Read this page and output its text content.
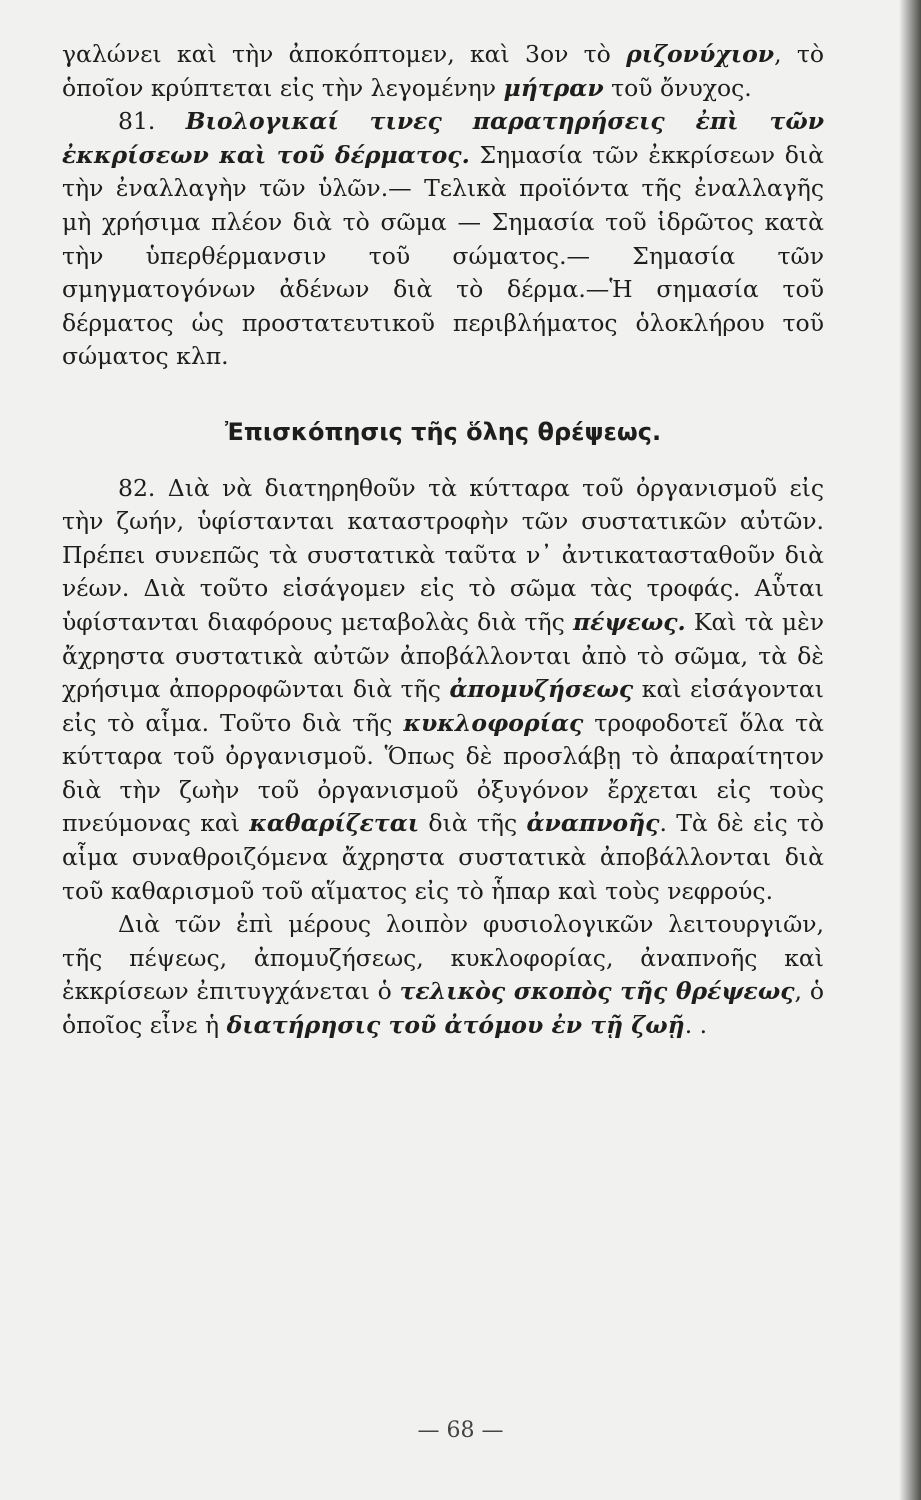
γαλώνει καὶ τὴν ἀποκόπτομεν, καὶ 3ον τὸ ριζονύχιον, τὸ ὁποῖον κρύπτεται εἰς τὴν λεγομένην μήτραν τοῦ ὄνυχος.

81. Βιολογικαί τινες παρατηρήσεις ἐπὶ τῶν ἐκκρίσεων καὶ τοῦ δέρματος. Σημασία τῶν ἐκκρίσεων διὰ τὴν ἐναλλαγὴν τῶν ὑλῶν.— Τελικὰ προϊόντα τῆς ἐναλλαγῆς μὴ χρήσιμα πλέον διὰ τὸ σῶμα — Σημασία τοῦ ἱδρῶτος κατὰ τὴν ὑπερθέρμανσιν τοῦ σώματος.— Σημασία τῶν σμηγματογόνων ἀδένων διὰ τὸ δέρμα.—Ἡ σημασία τοῦ δέρματος ὡς προστατευτικοῦ περιβλήματος ὁλοκλήρου τοῦ σώματος κλπ.

Ἐπισκόπησις τῆς ὅλης θρέψεως.

82. Διὰ νὰ διατηρηθοῦν τὰ κύτταρα τοῦ ὀργανισμοῦ εἰς τὴν ζωήν, ὑφίστανται καταστροφὴν τῶν συστατικῶν αὐτῶν. Πρέπει συνεπῶς τὰ συστατικὰ ταῦτα ν᾿ ἀντικατασταθοῦν διὰ νέων. Διὰ τοῦτο εἰσάγομεν εἰς τὸ σῶμα τὰς τροφάς. Αὗται ὑφίστανται διαφόρους μεταβολὰς διὰ τῆς πέψεως. Καὶ τὰ μὲν ἄχρηστα συστατικὰ αὐτῶν ἀποβάλλονται ἀπὸ τὸ σῶμα, τὰ δὲ χρήσιμα ἀπορροφῶνται διὰ τῆς ἀπομυζήσεως καὶ εἰσάγονται εἰς τὸ αἷμα. Τοῦτο διὰ τῆς κυκλοφορίας τροφοδοτεῖ ὅλα τὰ κύτταρα τοῦ ὀργανισμοῦ. Ὅπως δὲ προσλάβῃ τὸ ἀπαραίτητον διὰ τὴν ζωὴν τοῦ ὀργανισμοῦ ὀξυγόνον ἔρχεται εἰς τοὺς πνεύμονας καὶ καθαρίζεται διὰ τῆς ἀναπνοῆς. Τὰ δὲ εἰς τὸ αἷμα συναθροιζόμενα ἄχρηστα συστατικὰ ἀποβάλλονται διὰ τοῦ καθαρισμοῦ τοῦ αἵματος εἰς τὸ ἧπαρ καὶ τοὺς νεφρούς.

Διὰ τῶν ἐπὶ μέρους λοιπὸν φυσιολογικῶν λειτουργιῶν, τῆς πέψεως, ἀπομυζήσεως, κυκλοφορίας, ἀναπνοῆς καὶ ἐκκρίσεων ἐπιτυγχάνεται ὁ τελικὸς σκοπὸς τῆς θρέψεως, ὁ ὁποῖος εἶνε ἡ διατήρησις τοῦ ἀτόμου ἐν τῇ ζωῇ. .

— 68 —
